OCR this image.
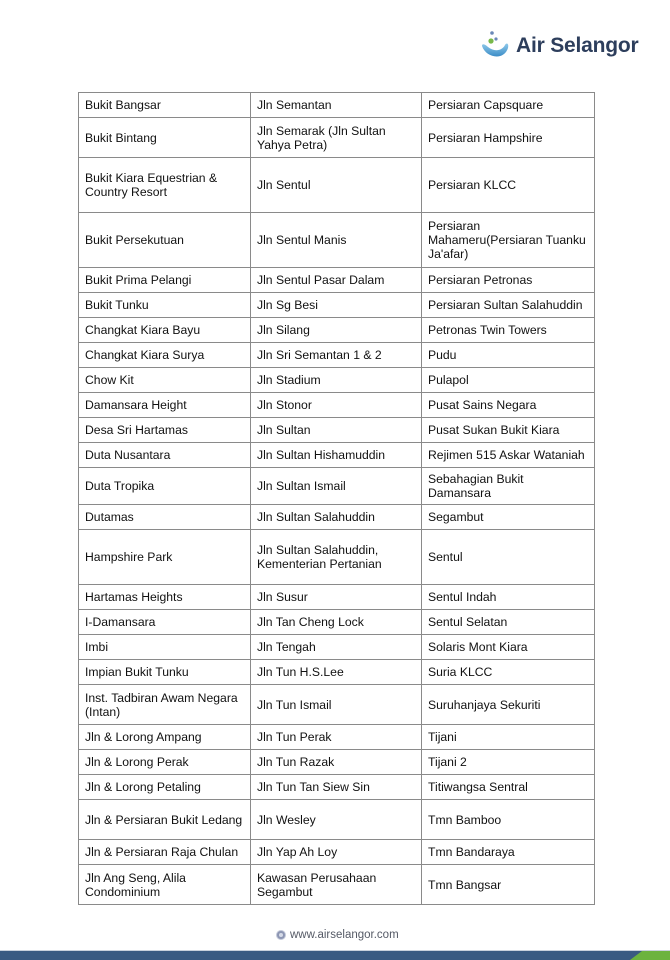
Air Selangor
Bukit Bangsar	Jln Semantan	Persiaran Capsquare
Bukit Bintang	Jln Semarak (Jln Sultan Yahya Petra)	Persiaran Hampshire
Bukit Kiara Equestrian & Country Resort	Jln Sentul	Persiaran KLCC
Bukit Persekutuan	Jln Sentul Manis	Persiaran Mahameru(Persiaran Tuanku Ja'afar)
Bukit Prima Pelangi	Jln Sentul Pasar Dalam	Persiaran Petronas
Bukit Tunku	Jln Sg Besi	Persiaran Sultan Salahuddin
Changkat Kiara Bayu	Jln Silang	Petronas Twin Towers
Changkat Kiara Surya	Jln Sri Semantan 1 & 2	Pudu
Chow Kit	Jln Stadium	Pulapol
Damansara Height	Jln Stonor	Pusat Sains Negara
Desa Sri Hartamas	Jln Sultan	Pusat Sukan Bukit Kiara
Duta Nusantara	Jln Sultan Hishamuddin	Rejimen 515 Askar Wataniah
Duta Tropika	Jln Sultan Ismail	Sebahagian Bukit Damansara
Dutamas	Jln Sultan Salahuddin	Segambut
Hampshire Park	Jln Sultan Salahuddin, Kementerian Pertanian	Sentul
Hartamas Heights	Jln Susur	Sentul Indah
I-Damansara	Jln Tan Cheng Lock	Sentul Selatan
Imbi	Jln Tengah	Solaris Mont Kiara
Impian Bukit Tunku	Jln Tun H.S.Lee	Suria KLCC
Inst. Tadbiran Awam Negara (Intan)	Jln Tun Ismail	Suruhanjaya Sekuriti
Jln & Lorong Ampang	Jln Tun Perak	Tijani
Jln & Lorong Perak	Jln Tun Razak	Tijani 2
Jln & Lorong Petaling	Jln Tun Tan Siew Sin	Titiwangsa Sentral
Jln & Persiaran Bukit Ledang	Jln Wesley	Tmn Bamboo
Jln & Persiaran Raja Chulan	Jln Yap Ah Loy	Tmn Bandaraya
Jln Ang Seng, Alila Condominium	Kawasan Perusahaan Segambut	Tmn Bangsar
www.airselangor.com
